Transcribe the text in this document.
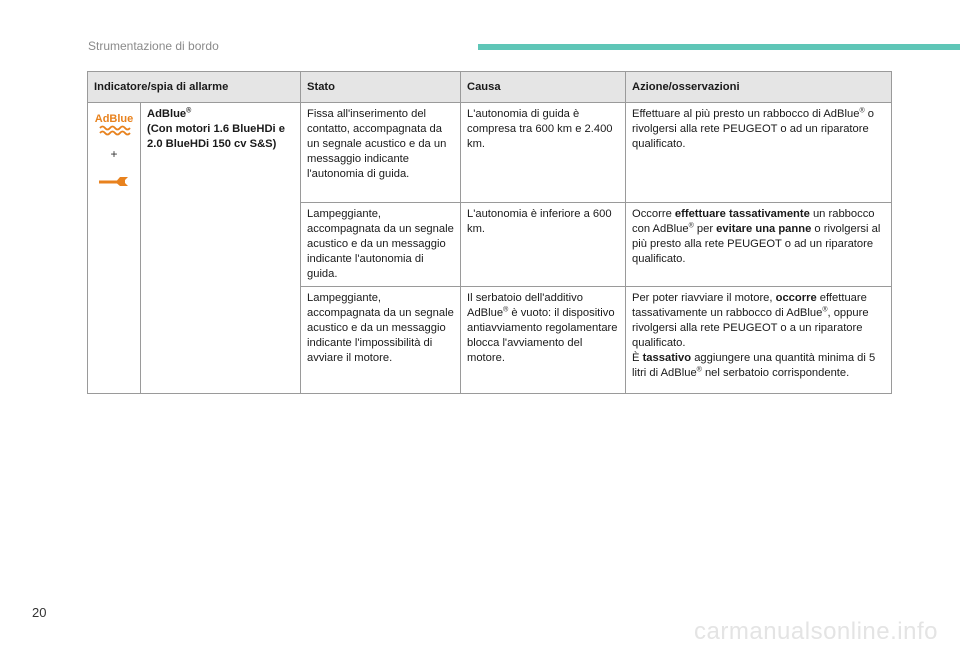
Strumentazione di bordo
Indicatore/spia di allarme		Stato	Causa	Azione/osservazioni

AdBlue
+	AdBlue®
(Con motori 1.6 BlueHDi e
2.0 BlueHDi 150 cv S&S)	Fissa all'inserimento del contatto, accompagnata da un segnale acustico e da un messaggio indicante l'autonomia di guida.	L'autonomia di guida è compresa tra 600 km e 2.400 km.	Effettuare al più presto un rabbocco di AdBlue® o rivolgersi alla rete PEUGEOT o ad un riparatore qualificato.
		Lampeggiante, accompagnata da un segnale acustico e da un messaggio indicante l'autonomia di guida.	L'autonomia è inferiore a 600 km.	Occorre effettuare tassativamente un rabbocco con AdBlue® per evitare una panne o rivolgersi al più presto alla rete PEUGEOT o ad un riparatore qualificato.
		Lampeggiante, accompagnata da un segnale acustico e da un messaggio indicante l'impossibilità di avviare il motore.	Il serbatoio dell'additivo AdBlue® è vuoto: il dispositivo antiavviamento regolamentare blocca l'avviamento del motore.	Per poter riavviare il motore, occorre effettuare tassativamente un rabbocco di AdBlue®, oppure rivolgersi alla rete PEUGEOT o a un riparatore qualificato.
È tassativo aggiungere una quantità minima di 5 litri di AdBlue® nel serbatoio corrispondente.
20
carmanualsonline.info
